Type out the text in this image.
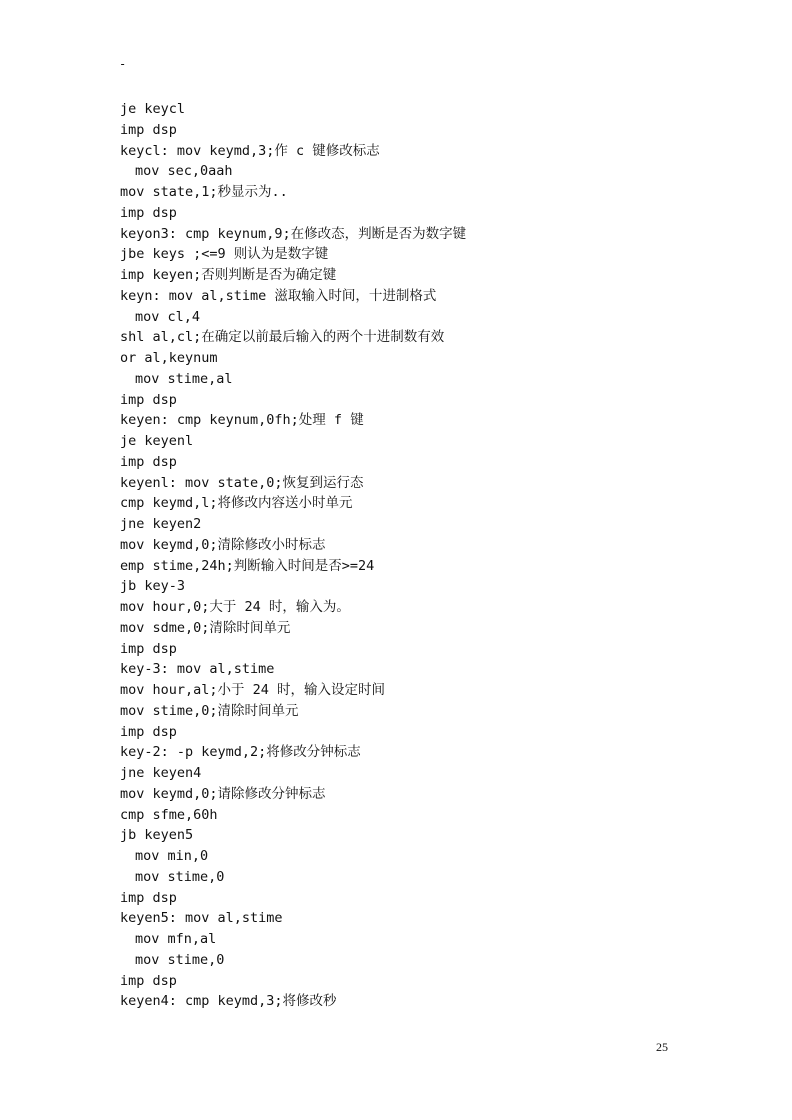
-
je keycl
imp dsp
keycl: mov keymd,3;作 c 键修改标志
mov sec,0aah
mov state,1;秒显示为..
imp dsp
keyon3: cmp keynum,9;在修改态，判断是否为数字键
jbe keys ;<=9 则认为是数字键
imp keyen;否则判断是否为确定键
keyn: mov al,stime 滋取输入时间，十进制格式
mov cl,4
shl al,cl;在确定以前最后输入的两个十进制数有效
or al,keynum
mov stime,al
imp dsp
keyen: cmp keynum,0fh;处理 f 键
je keyenl
imp dsp
keyenl: mov state,0;恢复到运行态
cmp keymd,l;将修改内容送小时单元
jne keyen2
mov keymd,0;清除修改小时标志
emp stime,24h;判断输入时间是否>=24
jb key-3
mov hour,0;大于 24 时，输入为。
mov sdme,0;清除时间单元
imp dsp
key-3: mov al,stime
mov hour,al;小于 24 时，输入设定时间
mov stime,0;清除时间单元
imp dsp
key-2: -p keymd,2;将修改分钟标志
jne keyen4
mov keymd,0;请除修改分钟标志
cmp sfme,60h
jb keyen5
mov min,0
mov stime,0
imp dsp
keyen5: mov al,stime
mov mfn,al
mov stime,0
imp dsp
keyen4: cmp keymd,3;将修改秒
25
